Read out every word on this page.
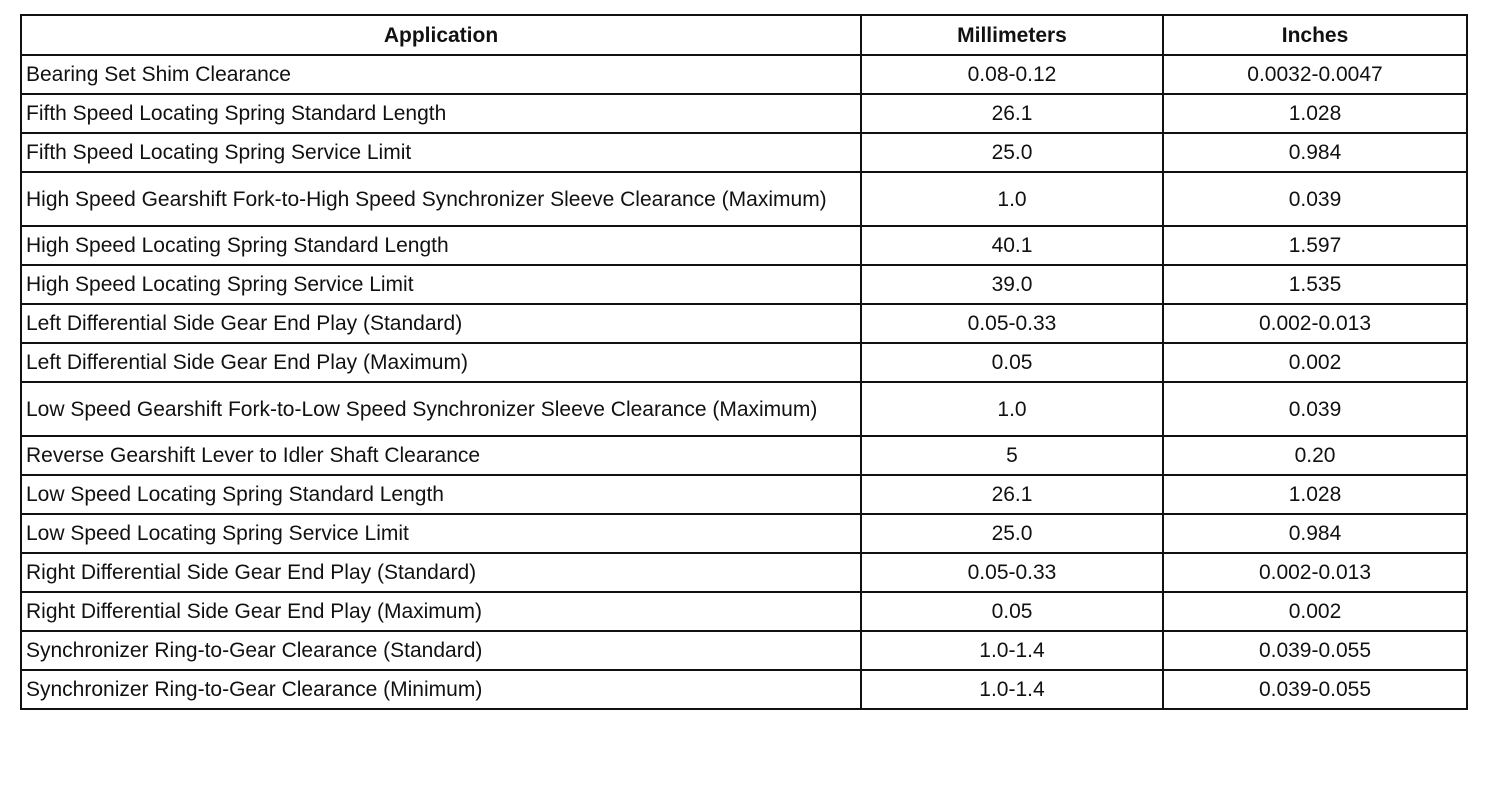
Application	Millimeters	Inches
Bearing Set Shim Clearance	0.08-0.12	0.0032-0.0047
Fifth Speed Locating Spring Standard Length	26.1	1.028
Fifth Speed Locating Spring Service Limit	25.0	0.984
High Speed Gearshift Fork-to-High Speed Synchronizer Sleeve Clearance (Maximum)	1.0	0.039
High Speed Locating Spring Standard Length	40.1	1.597
High Speed Locating Spring Service Limit	39.0	1.535
Left Differential Side Gear End Play (Standard)	0.05-0.33	0.002-0.013
Left Differential Side Gear End Play (Maximum)	0.05	0.002
Low Speed Gearshift Fork-to-Low Speed Synchronizer Sleeve Clearance (Maximum)	1.0	0.039
Reverse Gearshift Lever to Idler Shaft Clearance	5	0.20
Low Speed Locating Spring Standard Length	26.1	1.028
Low Speed Locating Spring Service Limit	25.0	0.984
Right Differential Side Gear End Play (Standard)	0.05-0.33	0.002-0.013
Right Differential Side Gear End Play (Maximum)	0.05	0.002
Synchronizer Ring-to-Gear Clearance (Standard)	1.0-1.4	0.039-0.055
Synchronizer Ring-to-Gear Clearance (Minimum)	1.0-1.4	0.039-0.055
